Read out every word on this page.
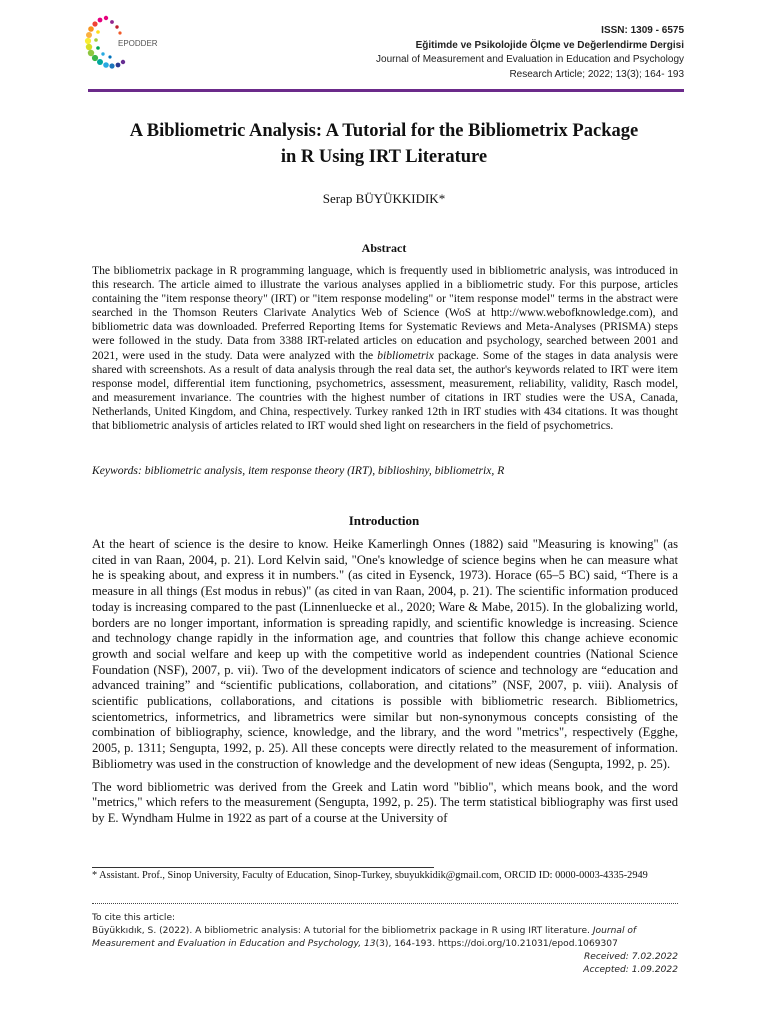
EPODDER
ISSN: 1309 - 6575
Eğitimde ve Psikolojide Ölçme ve Değerlendirme Dergisi
Journal of Measurement and Evaluation in Education and Psychology
Research Article; 2022; 13(3); 164- 193
A Bibliometric Analysis: A Tutorial for the Bibliometrix Package
in R Using IRT Literature
Serap BÜYÜKKIDIK*
Abstract

The bibliometrix package in R programming language, which is frequently used in bibliometric analysis, was introduced in this research. The article aimed to illustrate the various analyses applied in a bibliometric study. For this purpose, articles containing the "item response theory" (IRT) or "item response modeling" or "item response model" terms in the abstract were searched in the Thomson Reuters Clarivate Analytics Web of Science (WoS at http://www.webofknowledge.com), and bibliometric data was downloaded. Preferred Reporting Items for Systematic Reviews and Meta-Analyses (PRISMA) steps were followed in the study. Data from 3388 IRT-related articles on education and psychology, searched between 2001 and 2021, were used in the study. Data were analyzed with the bibliometrix package. Some of the stages in data analysis were shared with screenshots. As a result of data analysis through the real data set, the author's keywords related to IRT were item response model, differential item functioning, psychometrics, assessment, measurement, reliability, validity, Rasch model, and measurement invariance. The countries with the highest number of citations in IRT studies were the USA, Canada, Netherlands, United Kingdom, and China, respectively. Turkey ranked 12th in IRT studies with 434 citations. It was thought that bibliometric analysis of articles related to IRT would shed light on researchers in the field of psychometrics.

Keywords: bibliometric analysis, item response theory (IRT), biblioshiny, bibliometrix, R
Introduction

At the heart of science is the desire to know. Heike Kamerlingh Onnes (1882) said "Measuring is knowing" (as cited in van Raan, 2004, p. 21). Lord Kelvin said, "One's knowledge of science begins when he can measure what he is speaking about, and express it in numbers." (as cited in Eysenck, 1973). Horace (65–5 BC) said, “There is a measure in all things (Est modus in rebus)" (as cited in van Raan, 2004, p. 21). The scientific information produced today is increasing compared to the past (Linnenluecke et al., 2020; Ware & Mabe, 2015). In the globalizing world, borders are no longer important, information is spreading rapidly, and scientific knowledge is increasing. Science and technology change rapidly in the information age, and countries that follow this change achieve economic growth and social welfare and keep up with the competitive world as independent countries (National Science Foundation (NSF), 2007, p. vii). Two of the development indicators of science and technology are “education and advanced training” and “scientific publications, collaboration, and citations” (NSF, 2007, p. viii). Analysis of scientific publications, collaborations, and citations is possible with bibliometric research. Bibliometrics, scientometrics, informetrics, and librametrics were similar but non-synonymous concepts consisting of the combination of bibliography, science, knowledge, and the library, and the word "metrics", respectively (Egghe, 2005, p. 1311; Sengupta, 1992, p. 25). All these concepts were directly related to the measurement of information. Bibliometry was used in the construction of knowledge and the development of new ideas (Sengupta, 1992, p. 25).

The word bibliometric was derived from the Greek and Latin word "biblio", which means book, and the word "metrics," which refers to the measurement (Sengupta, 1992, p. 25). The term statistical bibliography was first used by E. Wyndham Hulme in 1922 as part of a course at the University of

* Assistant. Prof., Sinop University, Faculty of Education, Sinop-Turkey, sbuyukkidik@gmail.com, ORCID ID: 0000-0003-4335-2949
To cite this article:
Büyükkıdık, S. (2022). A bibliometric analysis: A tutorial for the bibliometrix package in R using IRT literature. Journal of Measurement and Evaluation in Education and Psychology, 13(3), 164-193. https://doi.org/10.21031/epod.1069307
Received: 7.02.2022
Accepted: 1.09.2022
